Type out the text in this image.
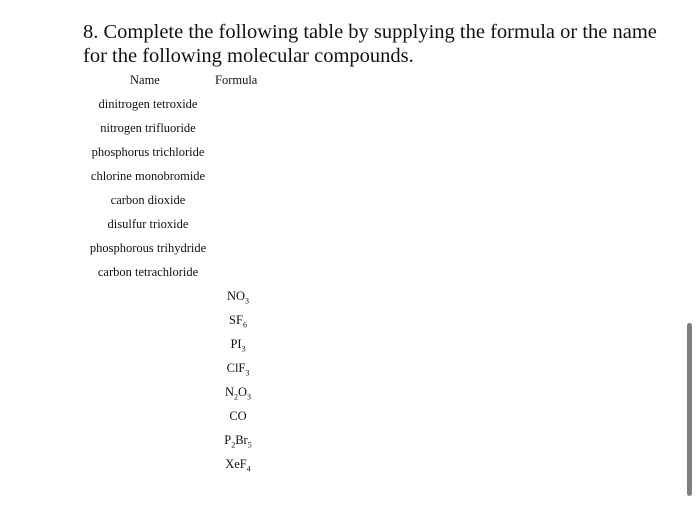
8. Complete the following table by supplying the formula or the name for the following molecular compounds.

Name	Formula
dinitrogen tetroxide
nitrogen trifluoride
phosphorus trichloride
chlorine monobromide
carbon dioxide
disulfur trioxide
phosphorous trihydride
carbon tetrachloride
$NO_3$
$SF_6$
$PI_3$
ClF$_3$
$N_2O_3$
CO
$P_2Br_5$
XeF$_4$
